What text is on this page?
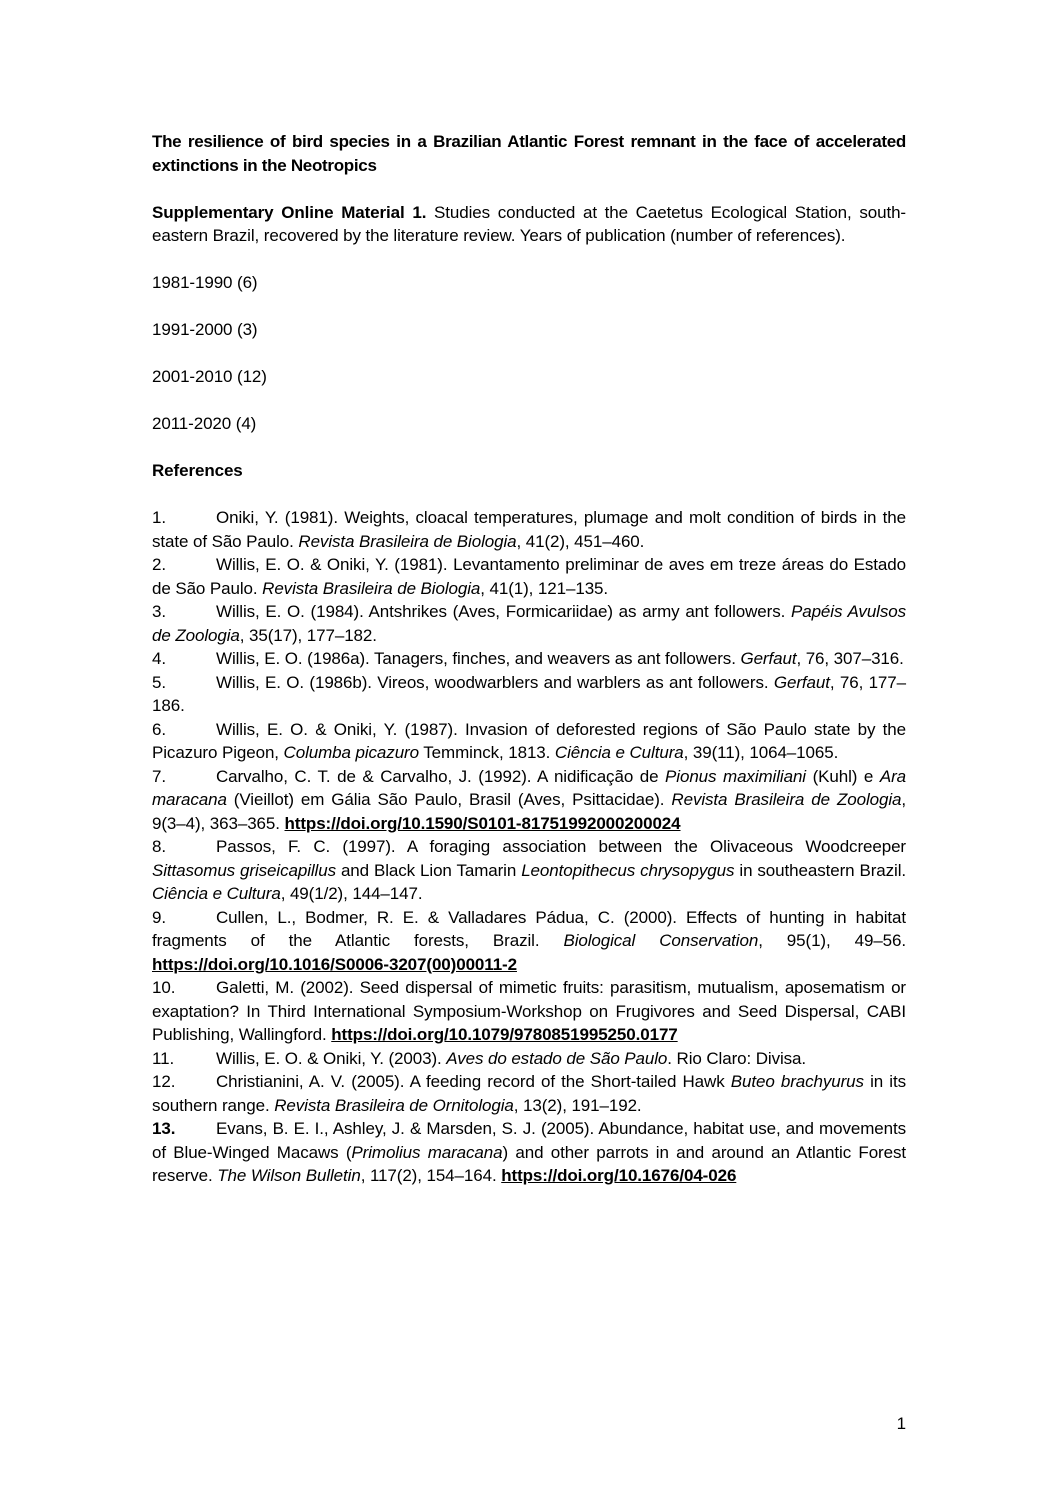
The resilience of bird species in a Brazilian Atlantic Forest remnant in the face of accelerated extinctions in the Neotropics

Supplementary Online Material 1. Studies conducted at the Caetetus Ecological Station, south-eastern Brazil, recovered by the literature review. Years of publication (number of references).

1981-1990 (6)

1991-2000 (3)

2001-2010 (12)

2011-2020 (4)

References

1.	Oniki, Y. (1981). Weights, cloacal temperatures, plumage and molt condition of birds in the state of São Paulo. Revista Brasileira de Biologia, 41(2), 451–460.

2.	Willis, E. O. & Oniki, Y. (1981). Levantamento preliminar de aves em treze áreas do Estado de São Paulo. Revista Brasileira de Biologia, 41(1), 121–135.

3.	Willis, E. O. (1984). Antshrikes (Aves, Formicariidae) as army ant followers. Papéis Avulsos de Zoologia, 35(17), 177–182.

4.	Willis, E. O. (1986a). Tanagers, finches, and weavers as ant followers. Gerfaut, 76, 307–316.

5.	Willis, E. O. (1986b). Vireos, woodwarblers and warblers as ant followers. Gerfaut, 76, 177–186.

6.	Willis, E. O. & Oniki, Y. (1987). Invasion of deforested regions of São Paulo state by the Picazuro Pigeon, Columba picazuro Temminck, 1813. Ciência e Cultura, 39(11), 1064–1065.

7.	Carvalho, C. T. de & Carvalho, J. (1992). A nidificação de Pionus maximiliani (Kuhl) e Ara maracana (Vieillot) em Gália São Paulo, Brasil (Aves, Psittacidae). Revista Brasileira de Zoologia, 9(3–4), 363–365. https://doi.org/10.1590/S0101-81751992000200024

8.	Passos, F. C. (1997). A foraging association between the Olivaceous Woodcreeper Sittasomus griseicapillus and Black Lion Tamarin Leontopithecus chrysopygus in southeastern Brazil. Ciência e Cultura, 49(1/2), 144–147.

9.	Cullen, L., Bodmer, R. E. & Valladares Pádua, C. (2000). Effects of hunting in habitat fragments of the Atlantic forests, Brazil. Biological Conservation, 95(1), 49–56. https://doi.org/10.1016/S0006-3207(00)00011-2

10. Galetti, M. (2002). Seed dispersal of mimetic fruits: parasitism, mutualism, aposematism or exaptation? In Third International Symposium-Workshop on Frugivores and Seed Dispersal, CABI Publishing, Wallingford. https://doi.org/10.1079/9780851995250.0177

11. Willis, E. O. & Oniki, Y. (2003). Aves do estado de São Paulo. Rio Claro: Divisa.

12. Christianini, A. V. (2005). A feeding record of the Short-tailed Hawk Buteo brachyurus in its southern range. Revista Brasileira de Ornitologia, 13(2), 191–192.

13. Evans, B. E. I., Ashley, J. & Marsden, S. J. (2005). Abundance, habitat use, and movements of Blue-Winged Macaws (Primolius maracana) and other parrots in and around an Atlantic Forest reserve. The Wilson Bulletin, 117(2), 154–164. https://doi.org/10.1676/04-026

1
